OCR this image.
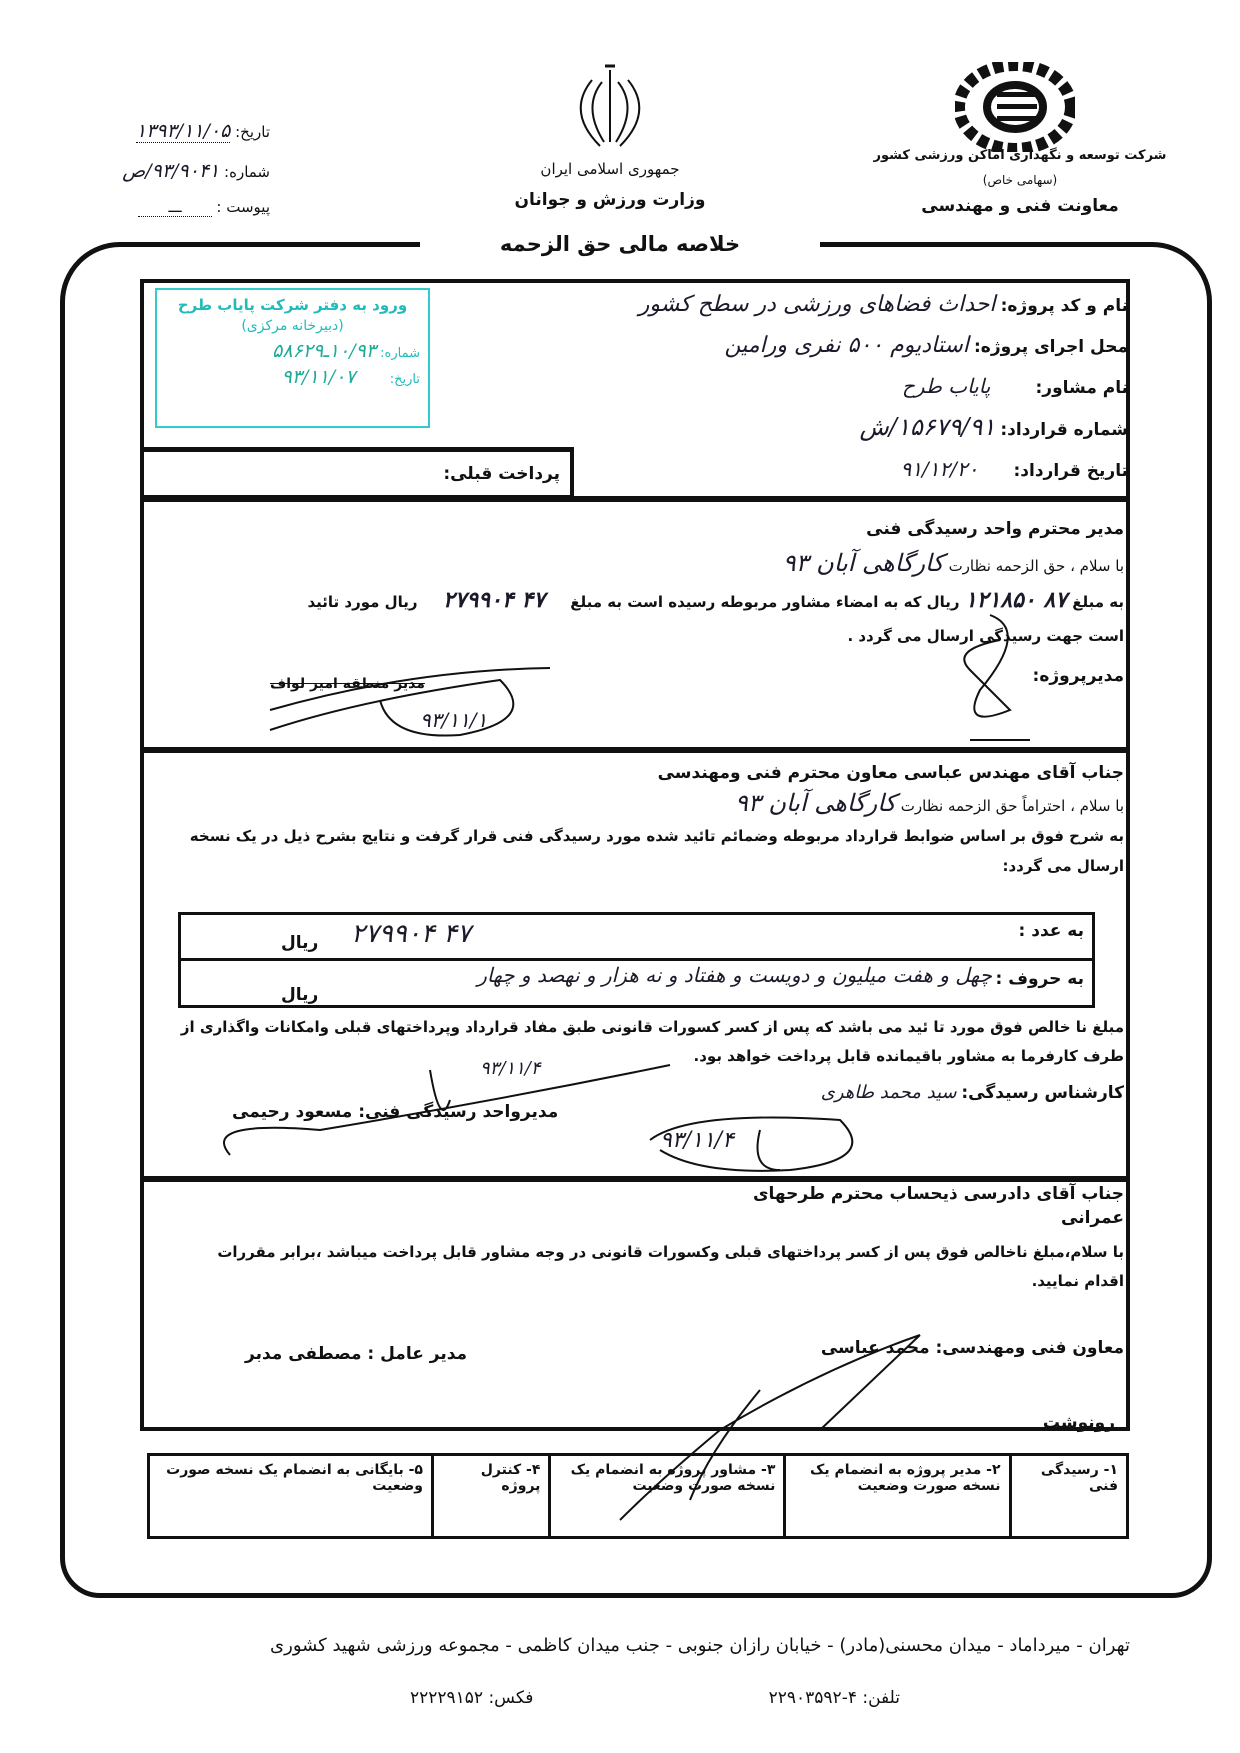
شرکت توسعه و نگهداری اماکن ورزشی کشور
(سهامی خاص)
معاونت فنی و مهندسی
جمهوری اسلامی ایران
وزارت ورزش و جوانان
تاریخ: ۱۳۹۳/۱۱/۰۵
شماره: ۹۳/۹۰۴۱/ص
پیوست : ـــ
خلاصه مالی حق الزحمه
پرداخت قبلی:
ورود به دفتر شرکت پایاب طرح
(دبیرخانه مرکزی)
شماره: ۱۰/۹۳ـ۵۸۶۲۹
تاریخ: ۹۳/۱۱/۰۷
نام و کد پروژه: احداث فضاهای ورزشی در سطح کشور
محل اجرای پروژه: استادیوم ۵۰۰ نفری ورامین
نام مشاور: پایاب طرح
شماره قرارداد: ۱۵۶۷۹/۹۱/ش
تاریخ قرارداد: ۹۱/۱۲/۲۰
مدیر محترم واحد رسیدگی فنی
با سلام ، حق الزحمه نظارت کارگاهی آبان ۹۳
به مبلغ ۸۷ ۱۲۱۸۵۰ ریال که به امضاء مشاور مربوطه رسیده است به مبلغ ۴۷ ۲۷۹۹۰۴ ریال مورد تائید
است جهت رسیدگی ارسال می گردد .
مدیرپروژه:
مدیر منطقه امیر لواف
۹۳/۱۱/۱
جناب آقای مهندس عباسی معاون محترم فنی ومهندسی
با سلام ، احتراماً حق الزحمه نظارت کارگاهی آبان ۹۳
به شرح فوق بر اساس ضوابط قرارداد مربوطه وضمائم تائید شده مورد رسیدگی فنی قرار گرفت و نتایج بشرح ذیل در یک نسخه ارسال می گردد:
به عدد :
۴۷ ۲۷۹۹۰۴
ریال
به حروف :
چهل و هفت میلیون و دویست و هفتاد و نه هزار و نهصد و چهار
ریال
مبلغ نا خالص فوق مورد تا ئید می باشد که پس از کسر کسورات قانونی طبق مفاد قرارداد وپرداختهای قبلی وامکانات واگذاری از طرف کارفرما به مشاور باقیمانده قابل پرداخت خواهد بود.
کارشناس رسیدگی: سید محمد طاهری
مدیرواحد رسیدگی فنی: مسعود رحیمی
۹۳/۱۱/۴
۹۳/۱۱/۴
جناب آقای دادرسی ذیحساب محترم طرحهای عمرانی
با سلام،مبلغ ناخالص فوق پس از کسر پرداختهای قبلی وکسورات قانونی در وجه مشاور قابل پرداخت میباشد ،برابر مقررات اقدام نمایید.
معاون فنی ومهندسی: محمد عباسی
مدیر عامل : مصطفی مدبر
رونوشت
۱- رسیدگی فنی	۲- مدیر پروژه به انضمام یک نسخه صورت وضعیت	۳- مشاور پروژه به انضمام یک نسخه صورت وضعیت	۴- کنترل پروژه	۵- بایگانی به انضمام یک نسخه صورت وضعیت
تهران - میرداماد - میدان محسنی(مادر) - خیابان رازان جنوبی - جنب میدان کاظمی - مجموعه ورزشی شهید کشوری
تلفن: ۴-۲۲۹۰۳۵۹۲
فکس: ۲۲۲۲۹۱۵۲
